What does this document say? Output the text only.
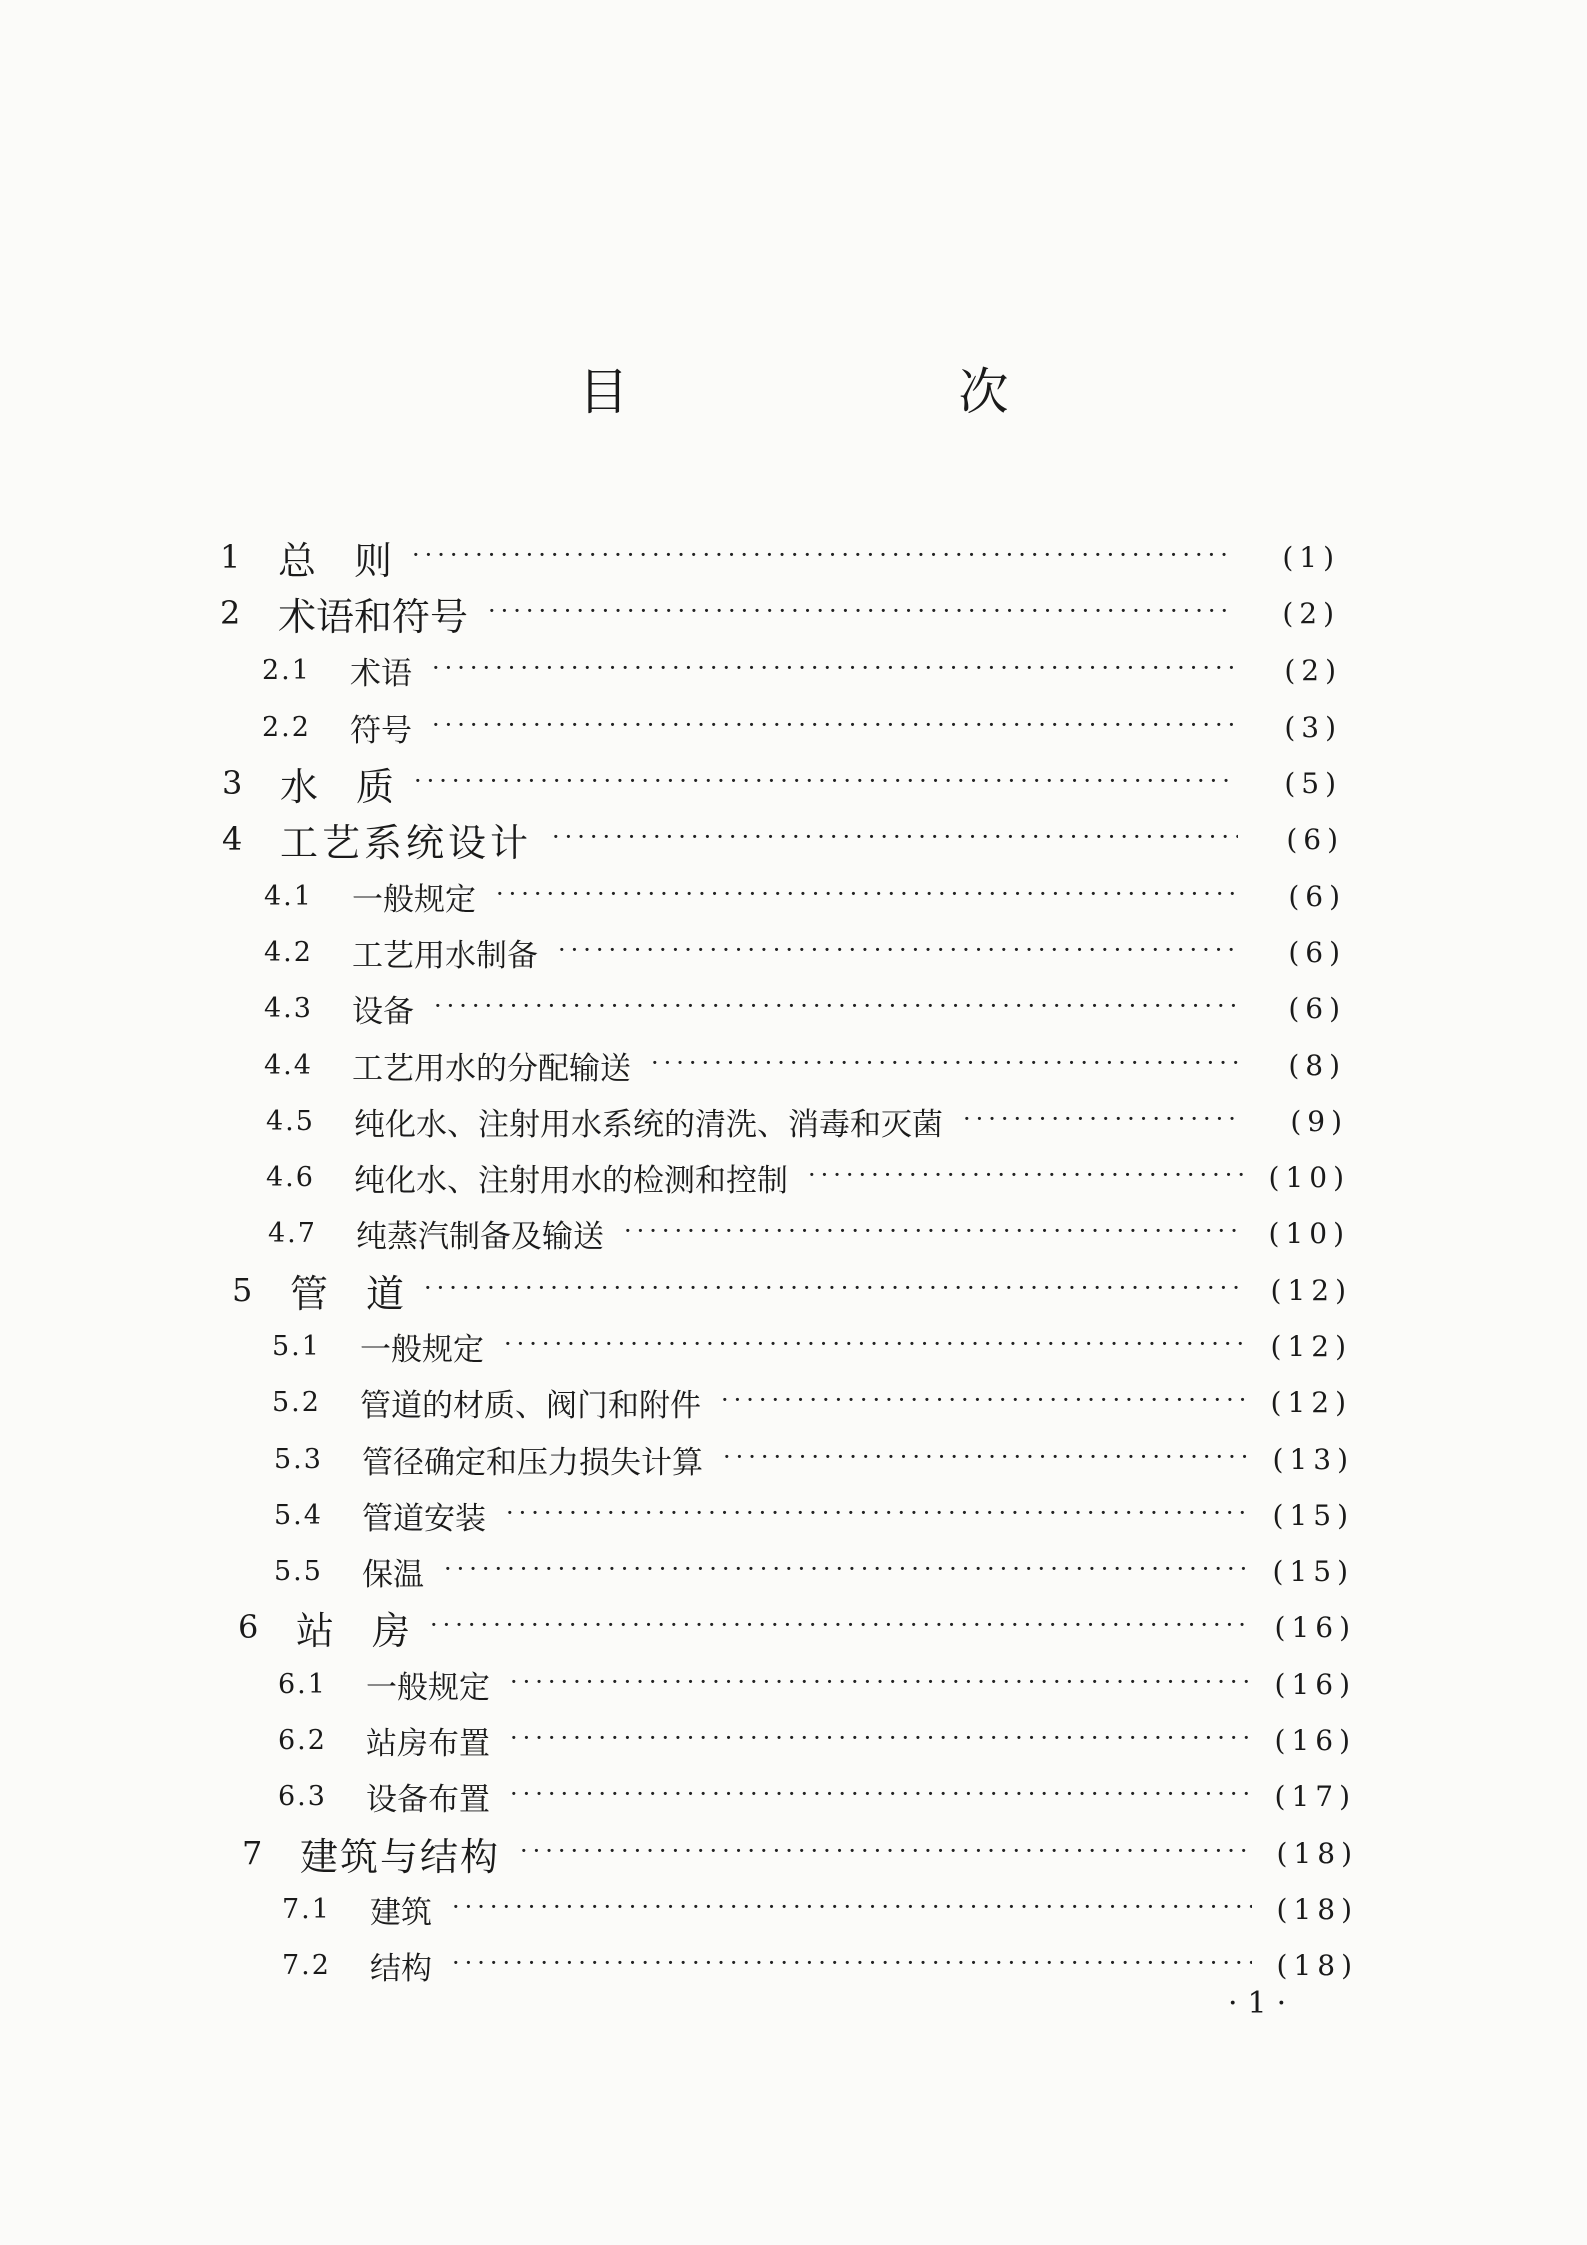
目　次
1 总　则 ·····	(1)
2 术语和符号 ·····	(2)
2.1	术语 ·····	(2)
2.2	符号 ·····	(3)
3 水　质 ·····	(5)
4 工艺系统设计 ·····	(6)
4.1	一般规定 ·····	(6)
4.2	工艺用水制备 ·····	(6)
4.3	设备 ·····	(6)
4.4	工艺用水的分配输送 ·····	(8)
4.5	纯化水、注射用水系统的清洗、消毒和灭菌 ·····	(9)
4.6	纯化水、注射用水的检测和控制 ·····	(10)
4.7	纯蒸汽制备及输送 ·····	(10)
5 管　道 ·····	(12)
5.1	一般规定 ·····	(12)
5.2	管道的材质、阀门和附件 ·····	(12)
5.3	管径确定和压力损失计算 ·····	(13)
5.4	管道安装 ·····	(15)
5.5	保温 ·····	(15)
6 站　房 ·····	(16)
6.1	一般规定 ·····	(16)
6.2	站房布置 ·····	(16)
6.3	设备布置 ·····	(17)
7 建筑与结构 ·····	(18)
7.1	建筑 ·····	(18)
7.2	结构 ·····	(18)
·1·
